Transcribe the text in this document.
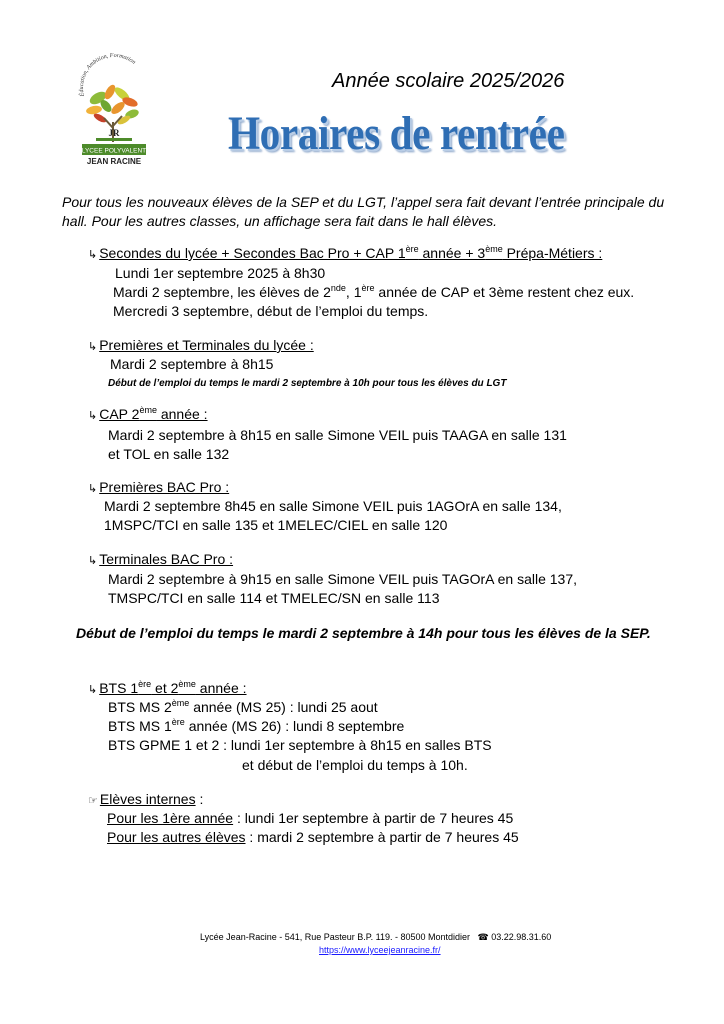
Éducation, Ambition, Formation
JR
LYCEE POLYVALENT
JEAN RACINE
Année scolaire 2025/2026
Horaires de rentrée
Pour tous les nouveaux élèves de la SEP et du LGT, l’appel sera fait devant l’entrée principale du hall. Pour les autres classes, un affichage sera fait dans le hall élèves.
↳ Secondes du lycée + Secondes Bac Pro + CAP 1ère année + 3ème Prépa-Métiers :
Lundi 1er septembre 2025 à 8h30
Mardi 2 septembre, les élèves de 2nde, 1ère année de CAP et 3ème restent chez eux.
Mercredi 3 septembre, début de l’emploi du temps.
↳ Premières et Terminales du lycée :
Mardi 2 septembre à 8h15
Début de l’emploi du temps le mardi 2 septembre à 10h pour tous les élèves du LGT
↳ CAP 2ème année :
Mardi 2 septembre à 8h15 en salle Simone VEIL puis TAAGA en salle 131
et TOL en salle 132
↳ Premières BAC Pro :
Mardi 2 septembre 8h45 en salle Simone VEIL puis 1AGOrA en salle 134,
1MSPC/TCI en salle 135 et 1MELEC/CIEL en salle 120
↳ Terminales BAC Pro :
Mardi 2 septembre à 9h15 en salle Simone VEIL puis TAGOrA en salle 137,
TMSPC/TCI en salle 114 et TMELEC/SN en salle 113
Début de l’emploi du temps le mardi 2 septembre à 14h pour tous les élèves de la SEP.
↳ BTS 1ère et 2ème année :
BTS MS 2ème année (MS 25) : lundi 25 aout
BTS MS 1ère année (MS 26) : lundi 8 septembre
BTS GPME 1 et 2 : lundi 1er septembre à 8h15 en salles BTS
et début de l’emploi du temps à 10h.
☞ Elèves internes :
Pour les 1ère année : lundi 1er septembre à partir de 7 heures 45
Pour les autres élèves : mardi 2 septembre à partir de 7 heures 45
Lycée Jean-Racine - 541, Rue Pasteur B.P. 119. - 80500 Montdidier ☎ 03.22.98.31.60
https://www.lyceejeanracine.fr/
